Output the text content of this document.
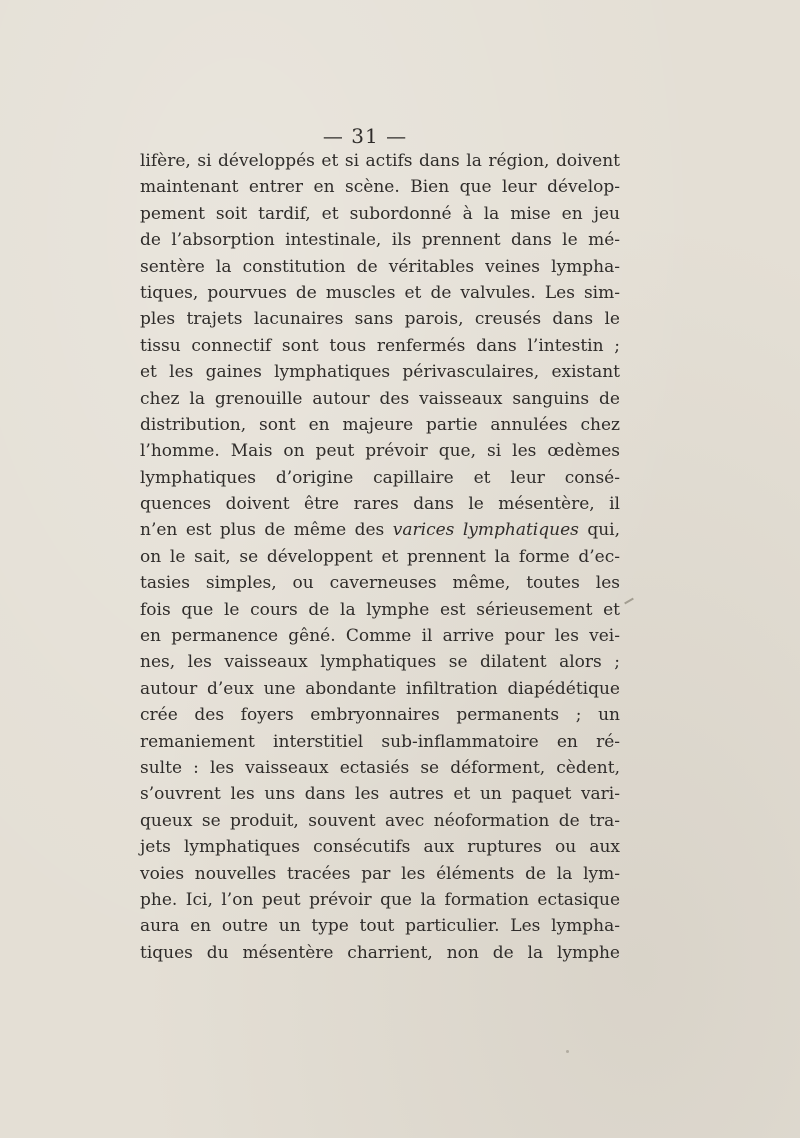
— 31 —
lifère, si développés et si actifs dans la région, doivent
maintenant entrer en scène. Bien que leur dévelop-
pement soit tardif, et subordonné à la mise en jeu
de l’absorption intestinale, ils prennent dans le mé-
sentère la constitution de véritables veines lympha-
tiques, pourvues de muscles et de valvules. Les sim-
ples trajets lacunaires sans parois, creusés dans le
tissu connectif sont tous renfermés dans l’intestin ;
et les gaines lymphatiques périvasculaires, existant
chez la grenouille autour des vaisseaux sanguins de
distribution, sont en majeure partie annulées chez
l’homme. Mais on peut prévoir que, si les œdèmes
lymphatiques d’origine capillaire et leur consé-
quences doivent être rares dans le mésentère, il
n’en est plus de même des varices lymphatiques qui,
on le sait, se développent et prennent la forme d’ec-
tasies simples, ou caverneuses même, toutes les
fois que le cours de la lymphe est sérieusement et
en permanence gêné. Comme il arrive pour les vei-
nes, les vaisseaux lymphatiques se dilatent alors ;
autour d’eux une abondante infiltration diapédétique
crée des foyers embryonnaires permanents ; un
remaniement interstitiel sub-inflammatoire en ré-
sulte : les vaisseaux ectasiés se déforment, cèdent,
s’ouvrent les uns dans les autres et un paquet vari-
queux se produit, souvent avec néoformation de tra-
jets lymphatiques consécutifs aux ruptures ou aux
voies nouvelles tracées par les éléments de la lym-
phe. Ici, l’on peut prévoir que la formation ectasique
aura en outre un type tout particulier. Les lympha-
tiques du mésentère charrient, non de la lymphe
